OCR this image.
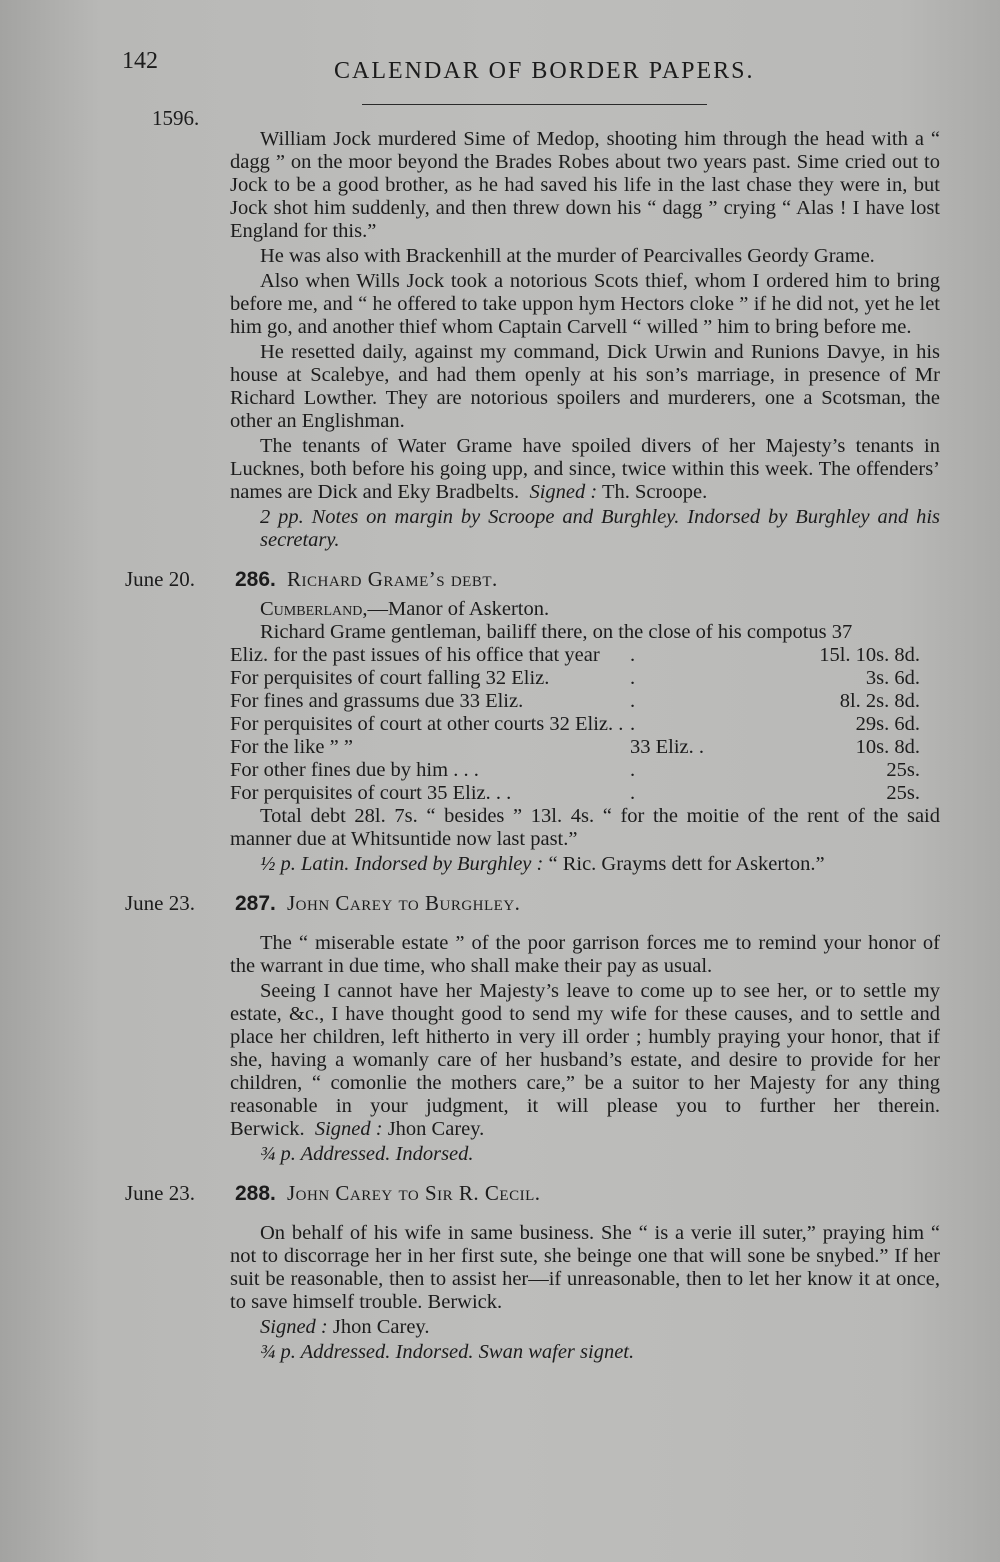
142	CALENDAR OF BORDER PAPERS.
1596.

William Jock murdered Sime of Medop, shooting him through the head with a “ dagg ” on the moor beyond the Brades Robes about two years past. Sime cried out to Jock to be a good brother, as he had saved his life in the last chase they were in, but Jock shot him suddenly, and then threw down his “ dagg ” crying “ Alas ! I have lost England for this.”

He was also with Brackenhill at the murder of Pearcivalles Geordy Grame.

Also when Wills Jock took a notorious Scots thief, whom I ordered him to bring before me, and “ he offered to take uppon hym Hectors cloke ” if he did not, yet he let him go, and another thief whom Captain Carvell “ willed ” him to bring before me.

He resetted daily, against my command, Dick Urwin and Runions Davye, in his house at Scalebye, and had them openly at his son’s marriage, in presence of Mr Richard Lowther. They are notorious spoilers and murderers, one a Scotsman, the other an Englishman.

The tenants of Water Grame have spoiled divers of her Majesty’s tenants in Lucknes, both before his going upp, and since, twice within this week. The offenders’ names are Dick and Eky Bradbelts. Signed : Th. Scroope.

2 pp. Notes on margin by Scroope and Burghley. Indorsed by Burghley and his secretary.

June 20. 286. Richard Grame’s debt.

Cumberland,—Manor of Askerton.

Richard Grame gentleman, bailiff there, on the close of his compotus 37

Eliz. for the past issues of his office that year	.	15l. 10s. 8d.
For perquisites of court falling 32 Eliz.	.	3s. 6d.
For fines and grassums due 33 Eliz.	.	8l. 2s. 8d.
For perquisites of court at other courts 32 Eliz. . .	29s. 6d.
For the like ” ”	33 Eliz. .	10s. 8d.
For other fines due by him . . .	.	25s.
For perquisites of court 35 Eliz. . .	.	25s.

Total debt 28l. 7s. “ besides ” 13l. 4s. “ for the moitie of the rent of the said manner due at Whitsuntide now last past.”

½ p. Latin. Indorsed by Burghley : “ Ric. Grayms dett for Askerton.”

June 23. 287. John Carey to Burghley.

The “ miserable estate ” of the poor garrison forces me to remind your honor of the warrant in due time, who shall make their pay as usual.

Seeing I cannot have her Majesty’s leave to come up to see her, or to settle my estate, &c., I have thought good to send my wife for these causes, and to settle and place her children, left hitherto in very ill order ; humbly praying your honor, that if she, having a womanly care of her husband’s estate, and desire to provide for her children, “ comonlie the mothers care,” be a suitor to her Majesty for any thing reasonable in your judgment, it will please you to further her therein. Berwick. Signed : Jhon Carey.

¾ p. Addressed. Indorsed.

June 23. 288. John Carey to Sir R. Cecil.

On behalf of his wife in same business. She “ is a verie ill suter,” praying him “ not to discorrage her in her first sute, she beinge one that will sone be snybed.” If her suit be reasonable, then to assist her—if unreasonable, then to let her know it at once, to save himself trouble. Berwick.

Signed : Jhon Carey.

¾ p. Addressed. Indorsed. Swan wafer signet.
